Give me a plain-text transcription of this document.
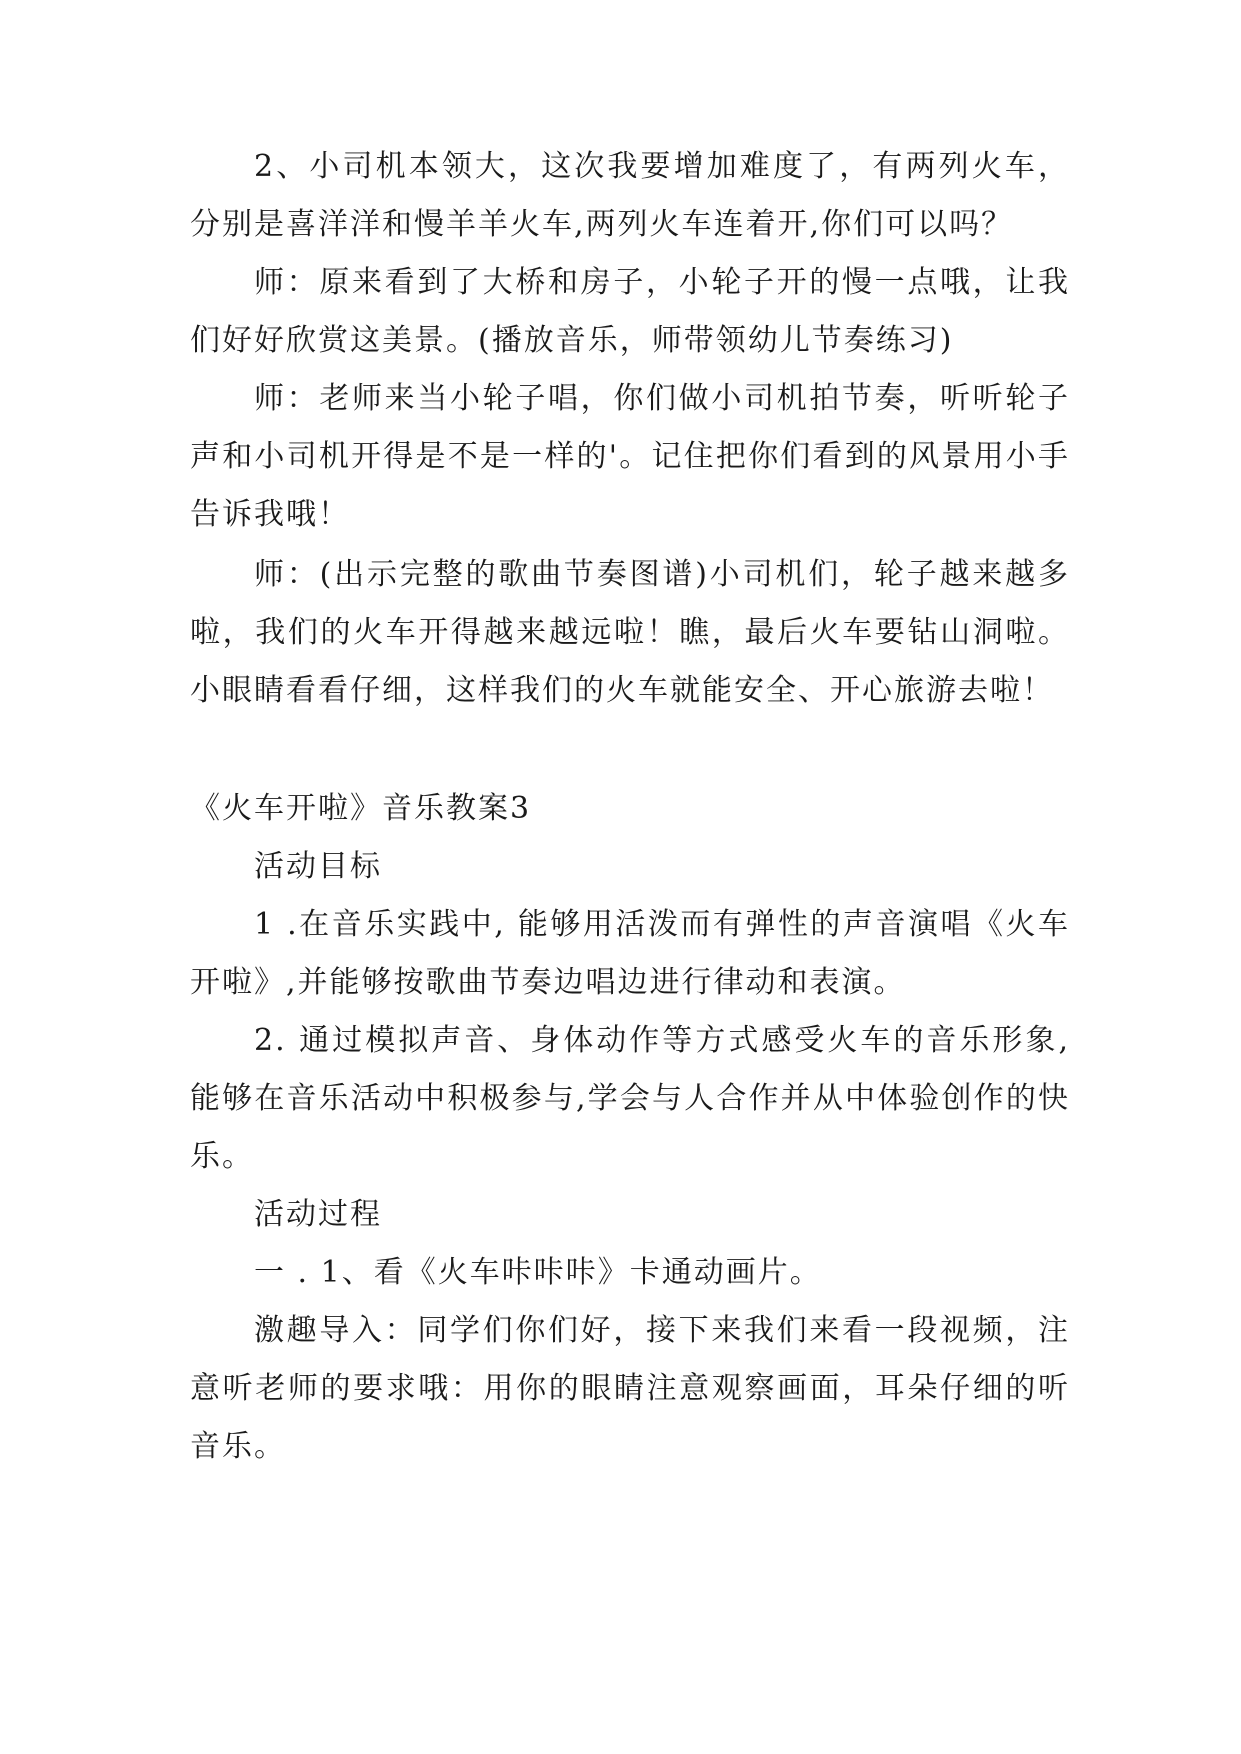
2、小司机本领大，这次我要增加难度了，有两列火车，分别是喜洋洋和慢羊羊火车,两列火车连着开,你们可以吗？

师：原来看到了大桥和房子，小轮子开的慢一点哦，让我们好好欣赏这美景。(播放音乐，师带领幼儿节奏练习)

师：老师来当小轮子唱，你们做小司机拍节奏，听听轮子声和小司机开得是不是一样的'。记住把你们看到的风景用小手告诉我哦！

师：(出示完整的歌曲节奏图谱)小司机们，轮子越来越多啦，我们的火车开得越来越远啦！瞧，最后火车要钻山洞啦。小眼睛看看仔细，这样我们的火车就能安全、开心旅游去啦！

《火车开啦》音乐教案3

活动目标

1 .在音乐实践中, 能够用活泼而有弹性的声音演唱《火车开啦》,并能够按歌曲节奏边唱边进行律动和表演。

2. 通过模拟声音、身体动作等方式感受火车的音乐形象,能够在音乐活动中积极参与,学会与人合作并从中体验创作的快乐。

活动过程

一 . 1、看《火车咔咔咔》卡通动画片。

激趣导入：同学们你们好，接下来我们来看一段视频，注意听老师的要求哦：用你的眼睛注意观察画面，耳朵仔细的听音乐。
